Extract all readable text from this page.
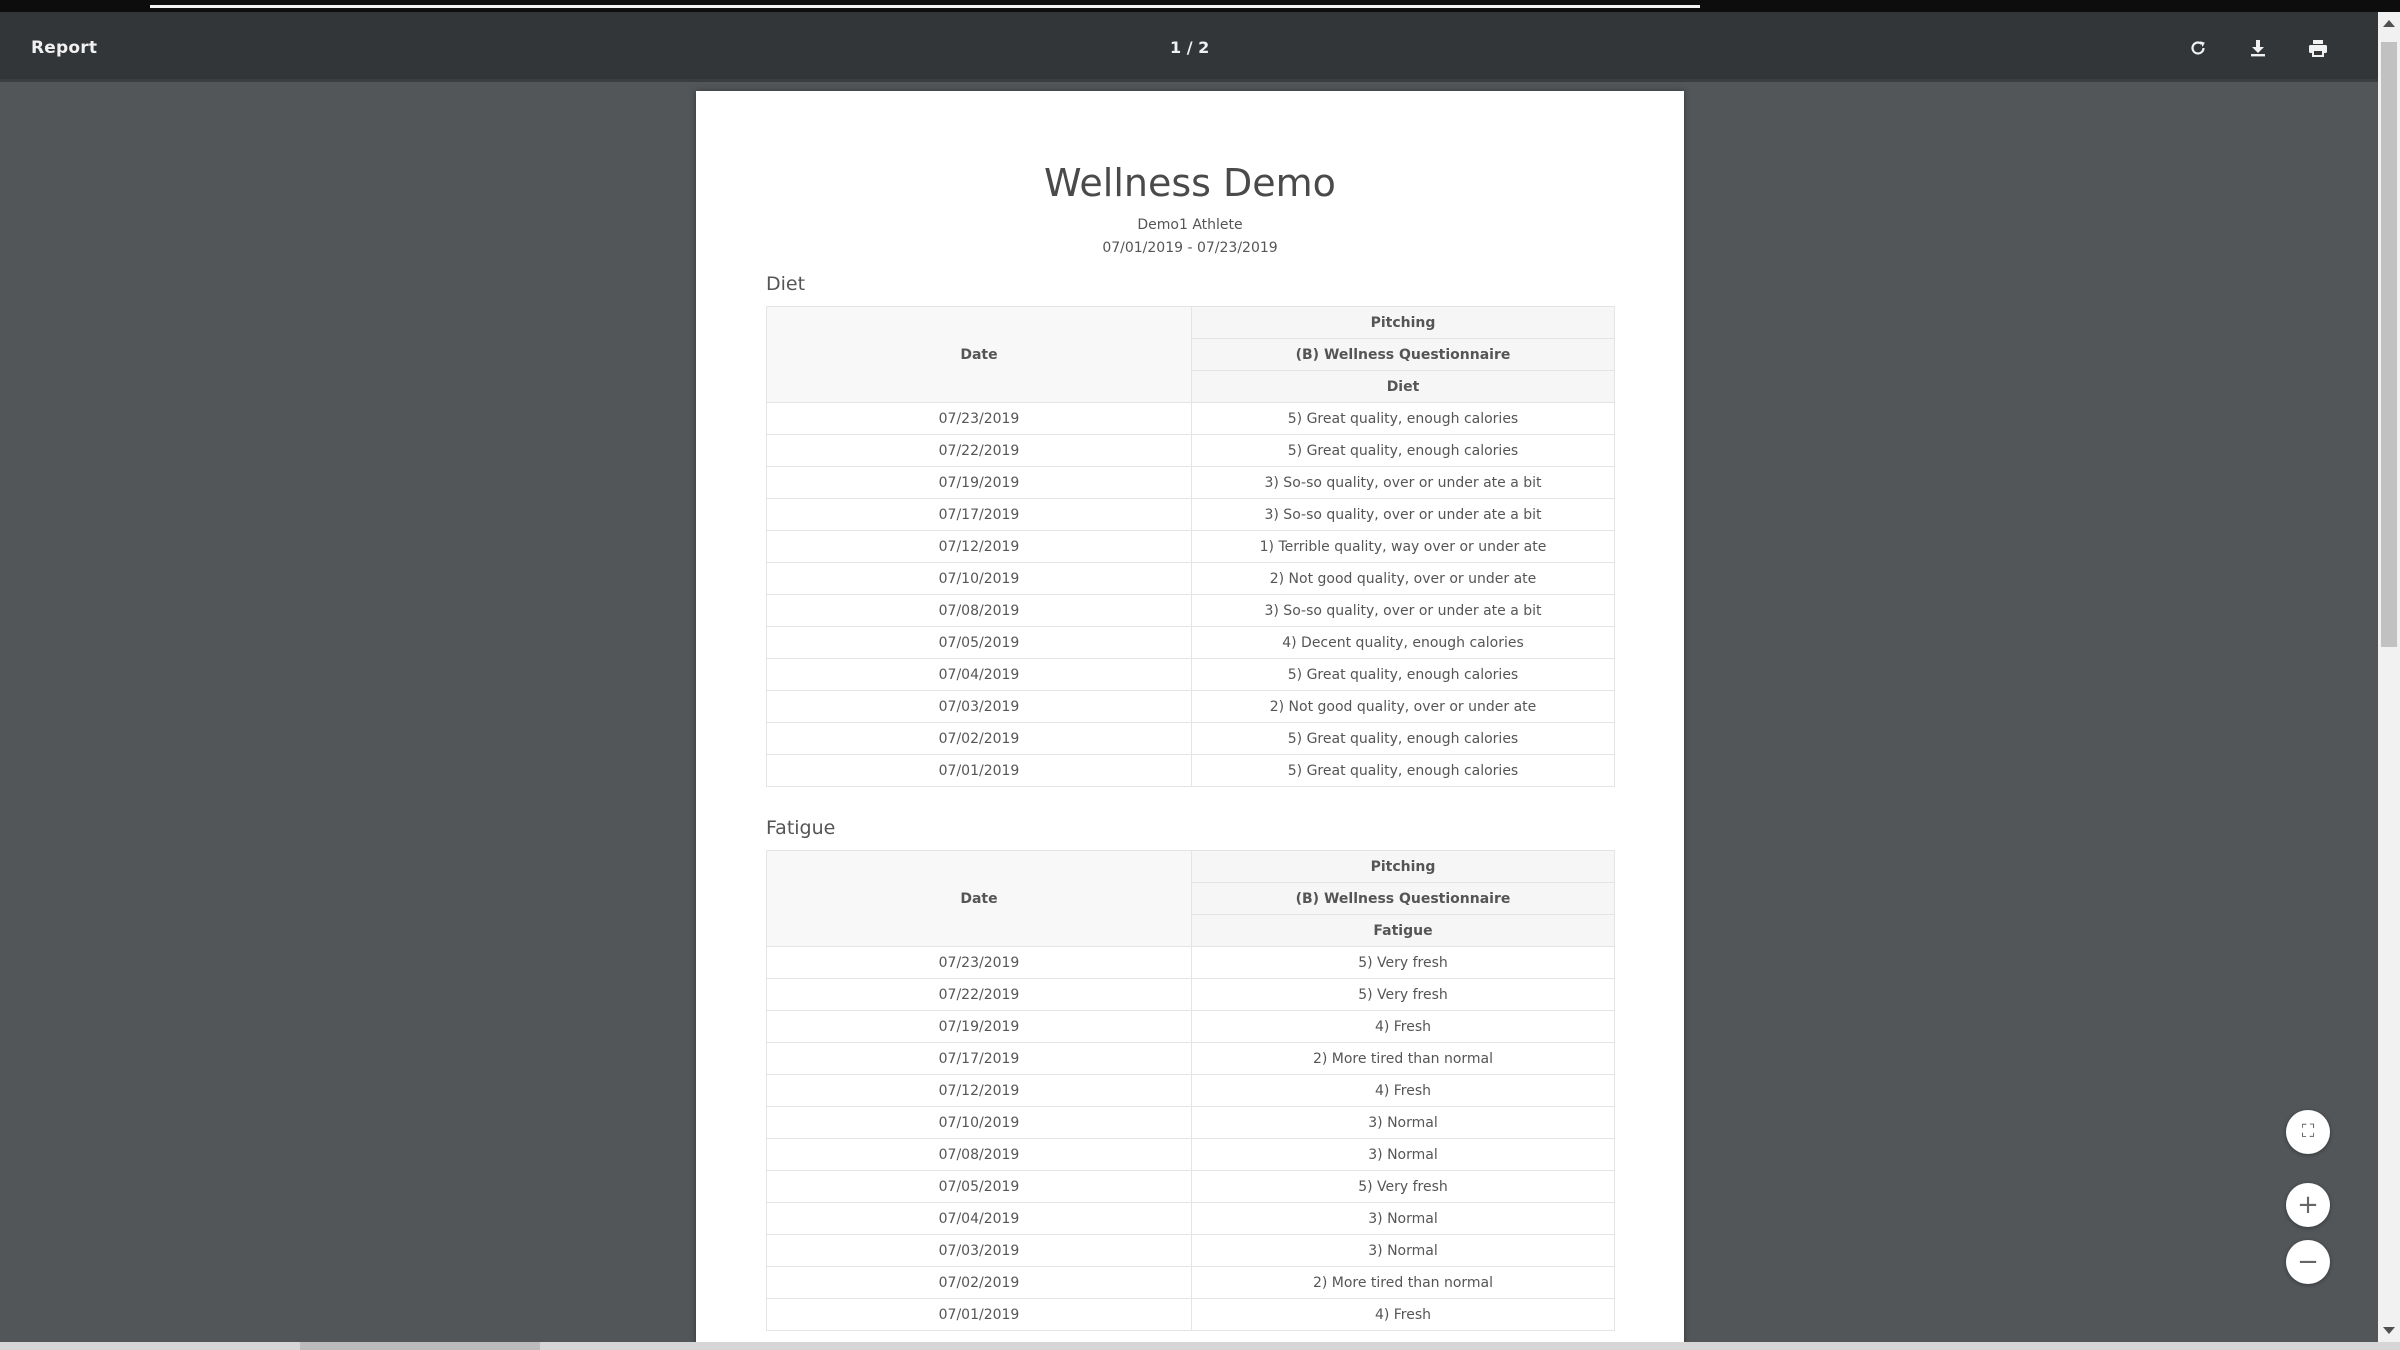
Report	1 / 2
Wellness Demo
Demo1 Athlete
07/01/2019 - 07/23/2019
Diet
Date	Pitching
	(B) Wellness Questionnaire
	Diet
07/23/2019	5) Great quality, enough calories
07/22/2019	5) Great quality, enough calories
07/19/2019	3) So-so quality, over or under ate a bit
07/17/2019	3) So-so quality, over or under ate a bit
07/12/2019	1) Terrible quality, way over or under ate
07/10/2019	2) Not good quality, over or under ate
07/08/2019	3) So-so quality, over or under ate a bit
07/05/2019	4) Decent quality, enough calories
07/04/2019	5) Great quality, enough calories
07/03/2019	2) Not good quality, over or under ate
07/02/2019	5) Great quality, enough calories
07/01/2019	5) Great quality, enough calories
Fatigue
Date	Pitching
	(B) Wellness Questionnaire
	Fatigue
07/23/2019	5) Very fresh
07/22/2019	5) Very fresh
07/19/2019	4) Fresh
07/17/2019	2) More tired than normal
07/12/2019	4) Fresh
07/10/2019	3) Normal
07/08/2019	3) Normal
07/05/2019	5) Very fresh
07/04/2019	3) Normal
07/03/2019	3) Normal
07/02/2019	2) More tired than normal
07/01/2019	4) Fresh
⛶
+
−
